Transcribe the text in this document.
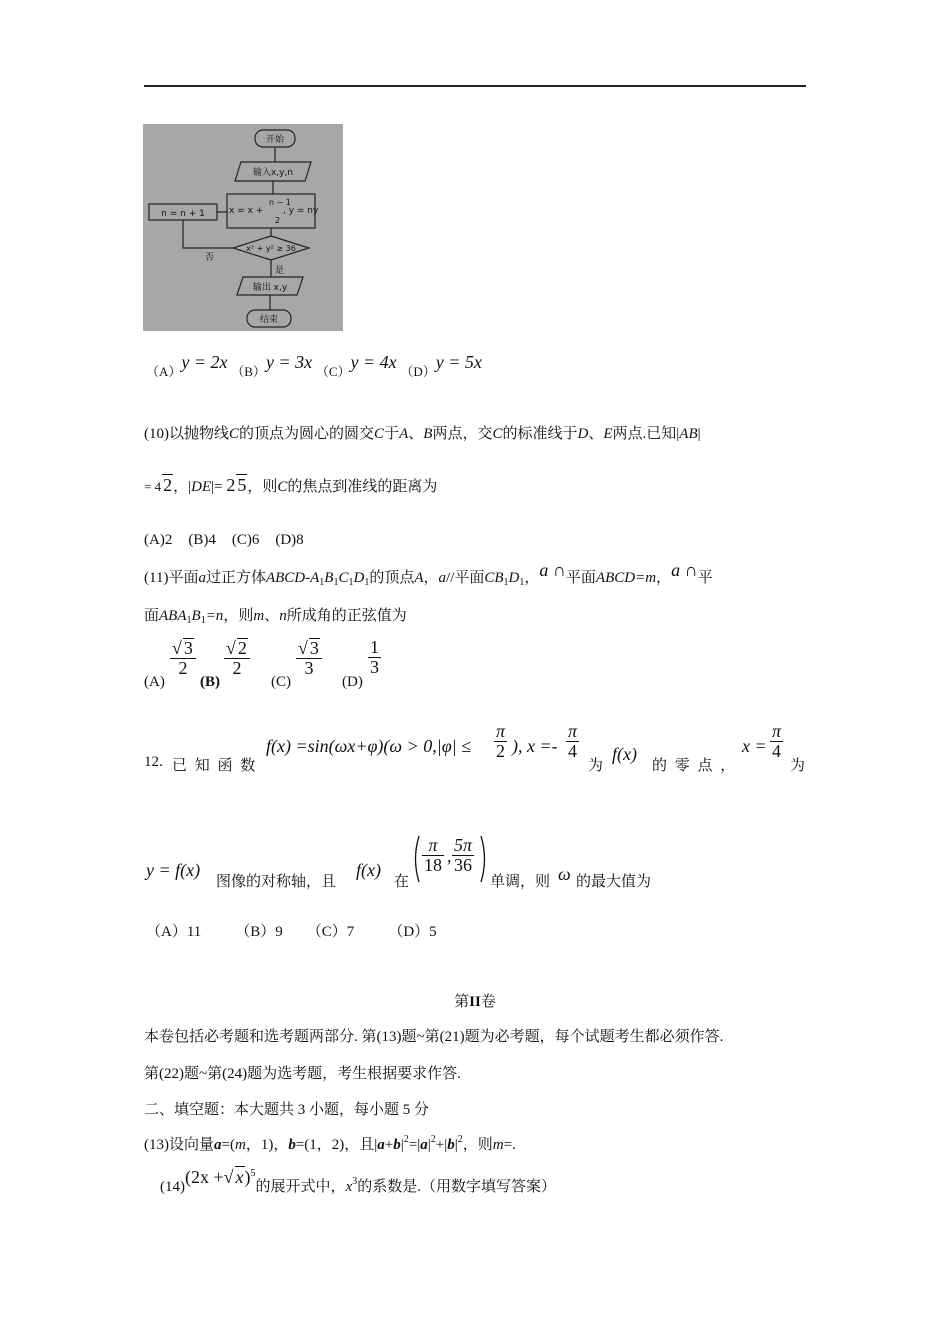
开始
输入x,y,n
n = n + 1	x = x +
n − 1
2
, y = ny
x² + y² ≥ 36
否
是
输出 x,y
结束
（A）y = 2x （B）y = 3x （C）y = 4x （D）y = 5x
(10)以抛物线C的顶点为圆心的圆交C于A、B两点，交C的标准线于D、E两点.已知|AB|
= 4 2，|DE|= 2 5，则C的焦点到准线的距离为
(A)2 (B)4 (C)6 (D)8
(11)平面a过正方体ABCD-$A_1B_1C_1D_1$的顶点A，a//平面$CB_1D_1$，a ∩平面ABCD=m，a ∩平
面$ABA_1B_1=n$，则m、n所成角的正弦值为
(A)
$\frac{√ 3}{2}$
(B)
$\frac{√ 2}{2}$
(C)
$\frac{√ 3}{3}$
(D)
$\frac{1}{3}$
12. 已 知 函 数
$f(x) =\sin(\omega x+\varphi)(\omega > 0,|\varphi| \le \frac{\pi}{2}$ ), $x =- \frac{\pi}{4}$
为
f(x)
的 零 点 ，
$x = \frac{\pi}{4}$
为
y = f(x)
图像的对称轴，且
f(x)
在
$\frac{\pi}{18}$ , $\frac{5\pi}{36}$
单调，则 ω 的最大值为
（A）11 （B）9 （C）7 （D）5
第II卷
本卷包括必考题和选考题两部分. 第(13)题~第(21)题为必考题，每个试题考生都必须作答.
第(22)题~第(24)题为选考题，考生根据要求作答.
二、填空题：本大题共 3 小题，每小题 5 分
(13)设向量a=(m，1)，b=(1，2)，且$|a+b|^2=|a|^2+|b|^2$，则m=.
(14)(2x +√ x)$^5$的展开式中，$x^3$的系数是.（用数字填写答案）
